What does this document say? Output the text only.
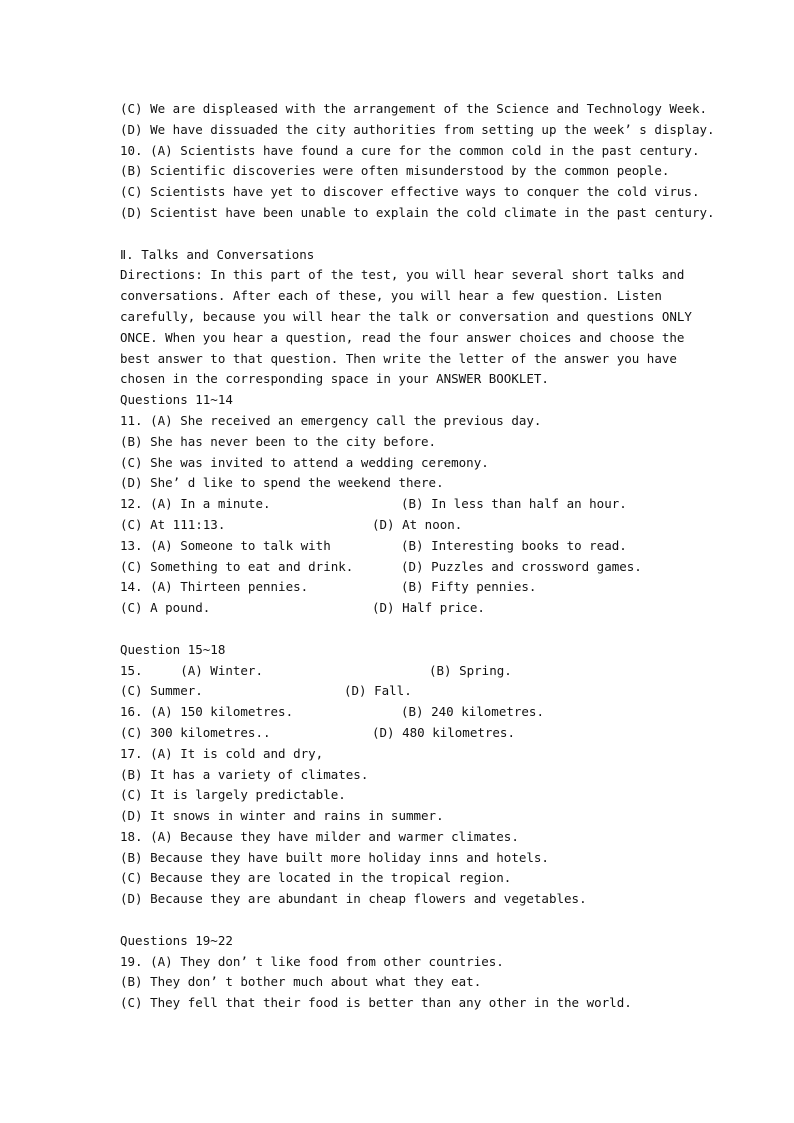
(C) We are displeased with the arrangement of the Science and Technology Week.
(D) We have dissuaded the city authorities from setting up the week’ s display.
10. (A) Scientists have found a cure for the common cold in the past century.
(B) Scientific discoveries were often misunderstood by the common people.
(C) Scientists have yet to discover effective ways to conquer the cold virus.
(D) Scientist have been unable to explain the cold climate in the past century.
Ⅱ. Talks and Conversations
Directions: In this part of the test, you will hear several short talks and
conversations. After each of these, you will hear a few question. Listen
carefully, because you will hear the talk or conversation and questions ONLY
ONCE. When you hear a question, read the four answer choices and choose the
best answer to that question. Then write the letter of the answer you have
chosen in the corresponding space in your ANSWER BOOKLET.
Questions 11~14
11. (A) She received an emergency call the previous day.
(B) She has never been to the city before.
(C) She was invited to attend a wedding ceremony.
(D) She’ d like to spend the weekend there.
12. (A) In a minute.	(B) In less than half an hour.
(C) At 111:13.	(D) At noon.
13. (A) Someone to talk with	(B) Interesting books to read.
(C) Something to eat and drink.	(D) Puzzles and crossword games.
14. (A) Thirteen pennies.	(B) Fifty pennies.
(C) A pound.	(D) Half price.
Question 15~18
15.     (A) Winter.	(B) Spring.
(C) Summer.	(D) Fall.
16. (A) 150 kilometres.	(B) 240 kilometres.
(C) 300 kilometres..	(D) 480 kilometres.
17. (A) It is cold and dry,
(B) It has a variety of climates.
(C) It is largely predictable.
(D) It snows in winter and rains in summer.
18. (A) Because they have milder and warmer climates.
(B) Because they have built more holiday inns and hotels.
(C) Because they are located in the tropical region.
(D) Because they are abundant in cheap flowers and vegetables.
Questions 19~22
19. (A) They don’ t like food from other countries.
(B) They don’ t bother much about what they eat.
(C) They fell that their food is better than any other in the world.
